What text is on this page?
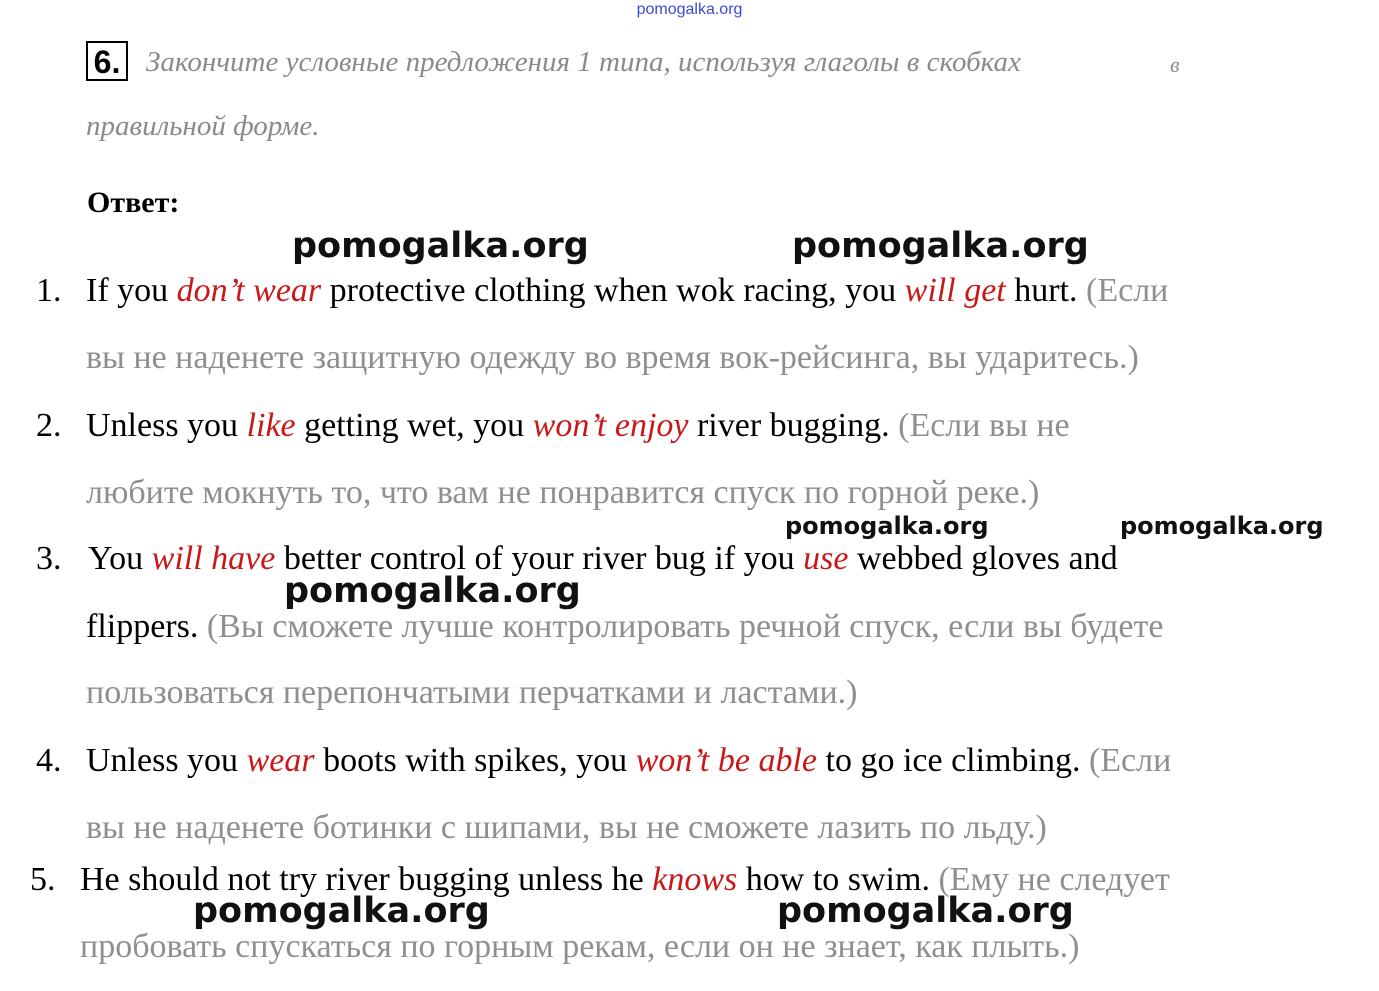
pomogalka.org
6. Закончите условные предложения 1 типа, используя глаголы в скобках	в
правильной форме.
Ответ:
1. If you don’t wear protective clothing when wok racing, you will get hurt. (Если
вы не наденете защитную одежду во время вок-рейсинга, вы ударитесь.)
2. Unless you like getting wet, you won’t enjoy river bugging. (Если вы не
любите мокнуть то, что вам не понравится спуск по горной реке.)
3. You will have better control of your river bug if you use webbed gloves and
flippers. (Вы сможете лучше контролировать речной спуск, если вы будете
пользоваться перепончатыми перчатками и ластами.)
4. Unless you wear boots with spikes, you won’t be able to go ice climbing. (Если
вы не наденете ботинки с шипами, вы не сможете лазить по льду.)
5. He should not try river bugging unless he knows how to swim. (Ему не следует
пробовать спускаться по горным рекам, если он не знает, как плыть.)
pomogalka.org	pomogalka.org
pomogalka.org	pomogalka.org
pomogalka.org
pomogalka.org	pomogalka.org
